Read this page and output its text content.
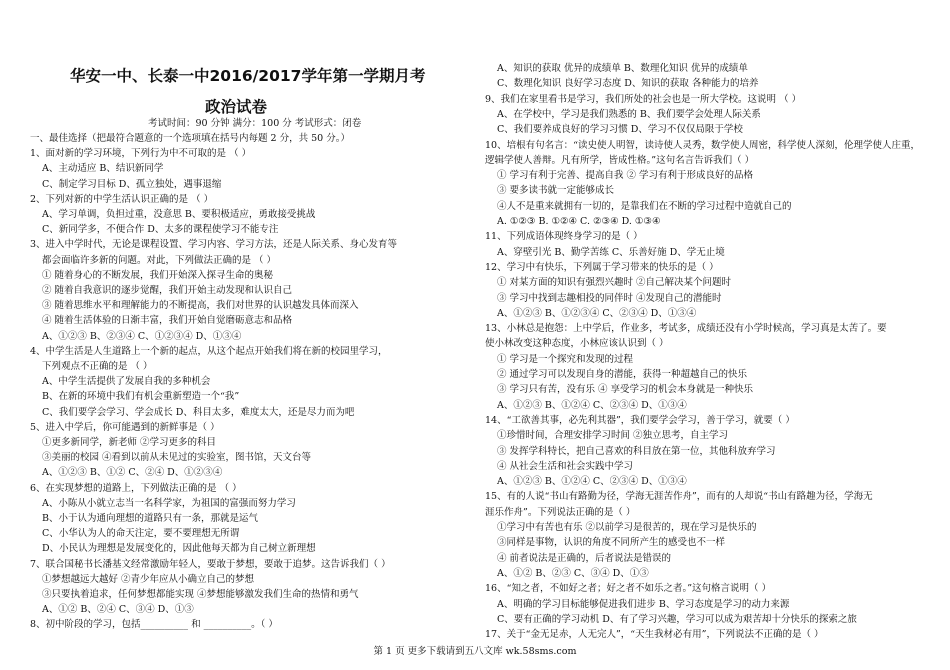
华安一中、长泰一中2016/2017学年第一学期月考
政治试卷
考试时间：90 分钟 满分：100 分 考试形式：闭卷
一、最佳选择（把最符合题意的一个选项填在括号内每题 2 分，共 50 分。）
1、面对新的学习环境，下列行为中不可取的是 （ ）
A、主动适应 B、结识新同学
C、制定学习目标 D、孤立独处，遇事退缩
2、下列对新的中学生活认识正确的是 （ ）
A、学习单调，负担过重，没意思 B、要积极适应，勇敢接受挑战
C、新同学多，不便合作 D、太多的课程使学习不能专注
3、进入中学时代，无论是课程设置、学习内容、学习方法，还是人际关系、身心发育等
都会面临许多新的问题。对此，下列做法正确的是 （ ）
① 随着身心的不断发展，我们开始深入探寻生命的奥秘
② 随着自我意识的逐步觉醒，我们开始主动发现和认识自己
③ 随着思维水平和理解能力的不断提高，我们对世界的认识越发具体而深入
④ 随着生活体验的日渐丰富，我们开始自觉磨砺意志和品格
A、①②③ B、②③④ C、①②③④ D、①③④
4、中学生活是人生道路上一个新的起点，从这个起点开始我们将在新的校园里学习，
下列观点不正确的是 （ ）
A、中学生活提供了发展自我的多种机会
B、在新的环境中我们有机会重新塑造一个“我”
C、我们要学会学习、学会成长 D、科目太多，难度太大，还是尽力而为吧
5、进入中学后，你可能遇到的新鲜事是（ ）
①更多新同学，新老师 ②学习更多的科目
③美丽的校园 ④看到以前从未见过的实验室，图书馆，天文台等
A、①②③ B、①② C、②④ D、①②③④
6、在实现梦想的道路上，下列做法正确的是 （ ）
A、小陈从小就立志当一名科学家，为祖国的富强而努力学习
B、小于认为通向理想的道路只有一条，那就是运气
C、小华认为人的命天注定，要不要理想无所谓
D、小民认为理想是发展变化的，因此他每天都为自己树立新理想
7、联合国秘书长潘基文经常激励年轻人，要敢于梦想，要敢于追梦。这告诉我们（ ）
①梦想越远大越好 ②青少年应从小确立自己的梦想
③只要执着追求，任何梦想都能实现 ④梦想能够激发我们生命的热情和勇气
A、①② B、②④ C、③④ D、①③
8、初中阶段的学习，包括__________ 和 __________。（ ）
A、知识的获取 优异的成绩单 B、数理化知识 优异的成绩单
C、数理化知识 良好学习态度 D、知识的获取 各种能力的培养
9、我们在家里看书是学习，我们所处的社会也是一所大学校。这说明 （ ）
A、在学校中，学习是我们熟悉的 B、我们要学会处理人际关系
C、我们要养成良好的学习习惯 D、学习不仅仅局限于学校
10、培根有句名言：“读史使人明智，读诗使人灵秀，数学使人周密，科学使人深刻，伦理学使人庄重，
逻辑学使人善辩。凡有所学，皆成性格。”这句名言告诉我们（ ）
① 学习有利于完善、提高自我 ② 学习有利于形成良好的品格
③ 要多读书就一定能够成长
④人不是重来就拥有一切的，是靠我们在不断的学习过程中造就自己的
A. ①②③ B. ①②④ C. ②③④ D. ①③④
11、下列成语体现终身学习的是（ ）
A、穿壁引光 B、勤学苦练 C、乐善好施 D、学无止境
12、学习中有快乐，下列属于学习带来的快乐的是（ ）
① 对某方面的知识有强烈兴趣时 ②自己解决某个问题时
③ 学习中找到志趣相投的同伴时 ④发现自己的潜能时
A、①②③ B、①②③④ C、②③④ D、①③④
13、小林总是抱怨：上中学后，作业多，考试多，成绩还没有小学时候高，学习真是太苦了。要
使小林改变这种态度，小林应该认识到（ ）
① 学习是一个探究和发现的过程
② 通过学习可以发现自身的潜能，获得一种超越自己的快乐
③ 学习只有苦，没有乐 ④ 享受学习的机会本身就是一种快乐
A、①②③ B、①②④ C、②③④ D、①③④
14、“工欲善其事，必先利其器”，我们要学会学习，善于学习，就要（ ）
①珍惜时间，合理安排学习时间 ②独立思考，自主学习
③ 发挥学科特长，把自己喜欢的科目放在第一位，其他科放弃学习
④ 从社会生活和社会实践中学习
A、①②③ B、①②④ C、②③④ D、①③④
15、有的人说“书山有路勤为径，学海无涯苦作舟”，而有的人却说“书山有路趣为径，学海无
涯乐作舟”。下列说法正确的是（ ）
①学习中有苦也有乐 ②以前学习是很苦的，现在学习是快乐的
③同样是事物，认识的角度不同所产生的感受也不一样
④ 前者说法是正确的，后者说法是错误的
A、①② B、②③ C、③④ D、①③
16、“知之者，不如好之者；好之者不如乐之者。”这句格言说明（ ）
A、明确的学习目标能够促进我们进步 B、学习态度是学习的动力来源
C、要有正确的学习动机 D、有了学习兴趣，学习可以成为艰苦却十分快乐的探索之旅
17、关于“金无足赤，人无完人”，“天生我材必有用”，下列说法不正确的是（ ）
第 1 页 更多下载请到五八文库 wk.58sms.com
